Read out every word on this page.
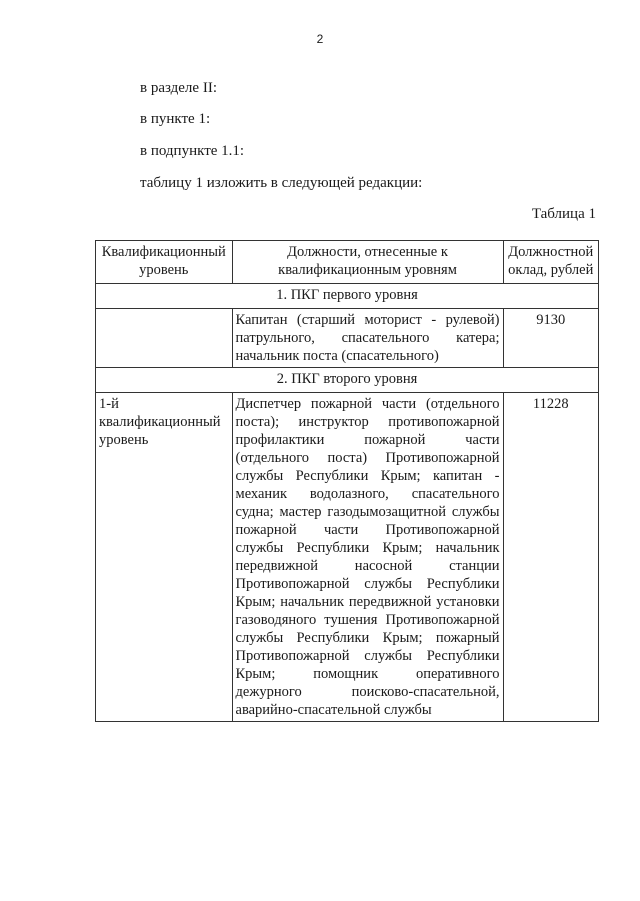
2
в разделе II:
в пункте 1:
в подпункте 1.1:
таблицу 1 изложить в следующей редакции:
Таблица 1
Квалификационный уровень	Должности, отнесенные к квалификационным уровням	Должностной оклад, рублей
1. ПКГ первого уровня		
	Капитан (старший моторист - рулевой) патрульного, спасательного катера; начальник поста (спасательного)	9130
2. ПКГ второго уровня		
1-й квалификационный уровень	Диспетчер пожарной части (отдельного поста); инструктор противопожарной профилактики пожарной части (отдельного поста) Противопожарной службы Республики Крым; капитан - механик водолазного, спасательного судна; мастер газодымозащитной службы пожарной части Противопожарной службы Республики Крым; начальник передвижной насосной станции Противопожарной службы Республики Крым; начальник передвижной установки газоводяного тушения Противопожарной службы Республики Крым; пожарный Противопожарной службы Республики Крым; помощник оперативного дежурного поисково-спасательной, аварийно-спасательной службы	11228
